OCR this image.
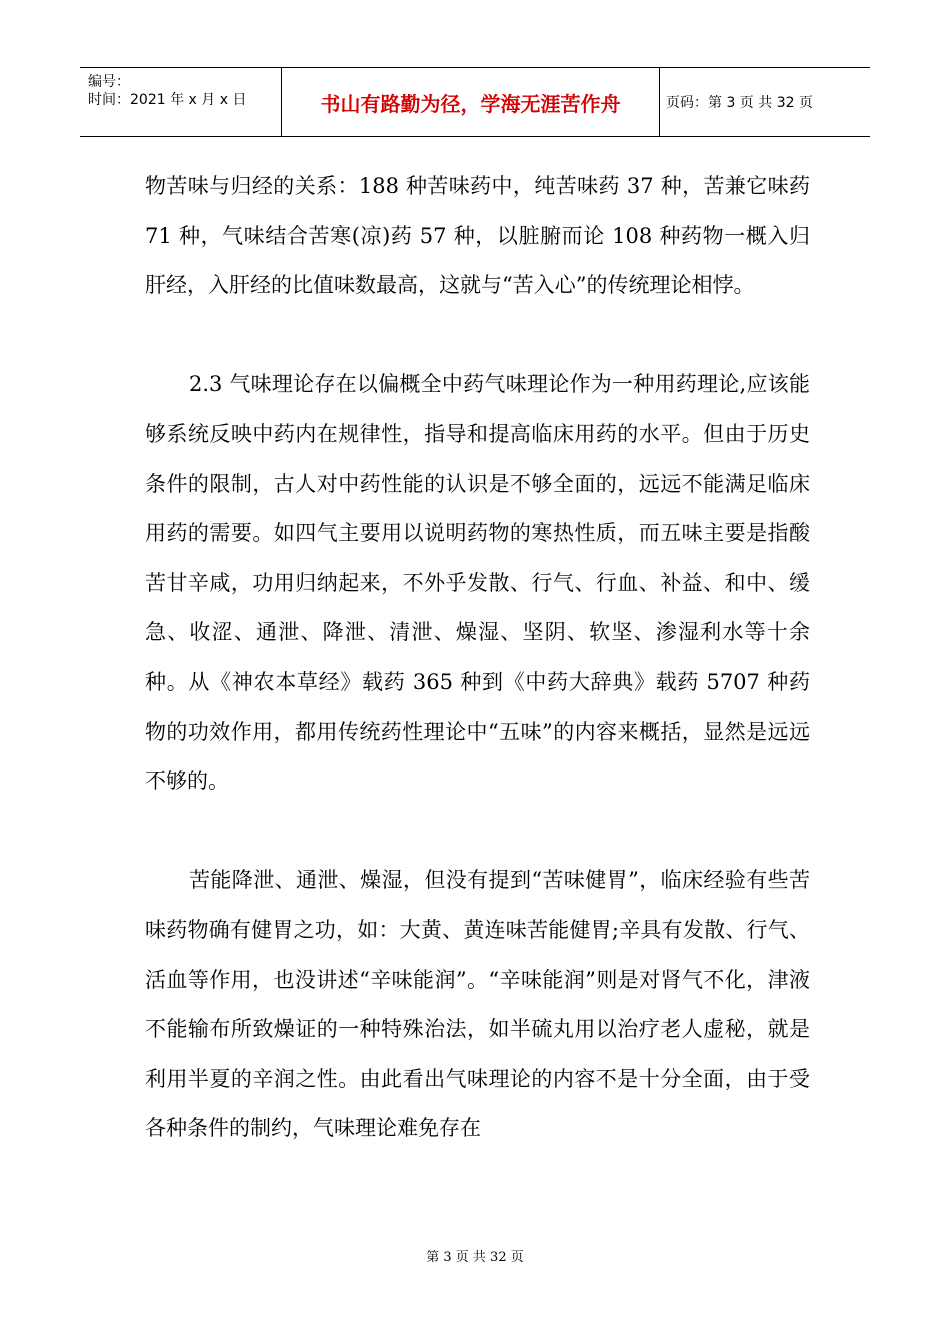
编号：
时间：2021 年 x 月 x 日	书山有路勤为径，学海无涯苦作舟	页码：第 3 页 共 32 页

物苦味与归经的关系：188 种苦味药中，纯苦味药 37 种，苦兼它味药 71 种，气味结合苦寒(凉)药 57 种，以脏腑而论 108 种药物一概入归肝经，入肝经的比值味数最高，这就与“苦入心”的传统理论相悖。

2.3 气味理论存在以偏概全中药气味理论作为一种用药理论,应该能够系统反映中药内在规律性，指导和提高临床用药的水平。但由于历史条件的限制，古人对中药性能的认识是不够全面的，远远不能满足临床用药的需要。如四气主要用以说明药物的寒热性质，而五味主要是指酸苦甘辛咸，功用归纳起来，不外乎发散、行气、行血、补益、和中、缓急、收涩、通泄、降泄、清泄、燥湿、坚阴、软坚、渗湿利水等十余种。从《神农本草经》载药 365 种到《中药大辞典》载药 5707 种药物的功效作用，都用传统药性理论中“五味”的内容来概括，显然是远远不够的。

苦能降泄、通泄、燥湿，但没有提到“苦味健胃”，临床经验有些苦味药物确有健胃之功，如：大黄、黄连味苦能健胃;辛具有发散、行气、活血等作用，也没讲述“辛味能润”。“辛味能润”则是对肾气不化，津液不能输布所致燥证的一种特殊治法，如半硫丸用以治疗老人虚秘，就是利用半夏的辛润之性。由此看出气味理论的内容不是十分全面，由于受各种条件的制约，气味理论难免存在

第 3 页 共 32 页
